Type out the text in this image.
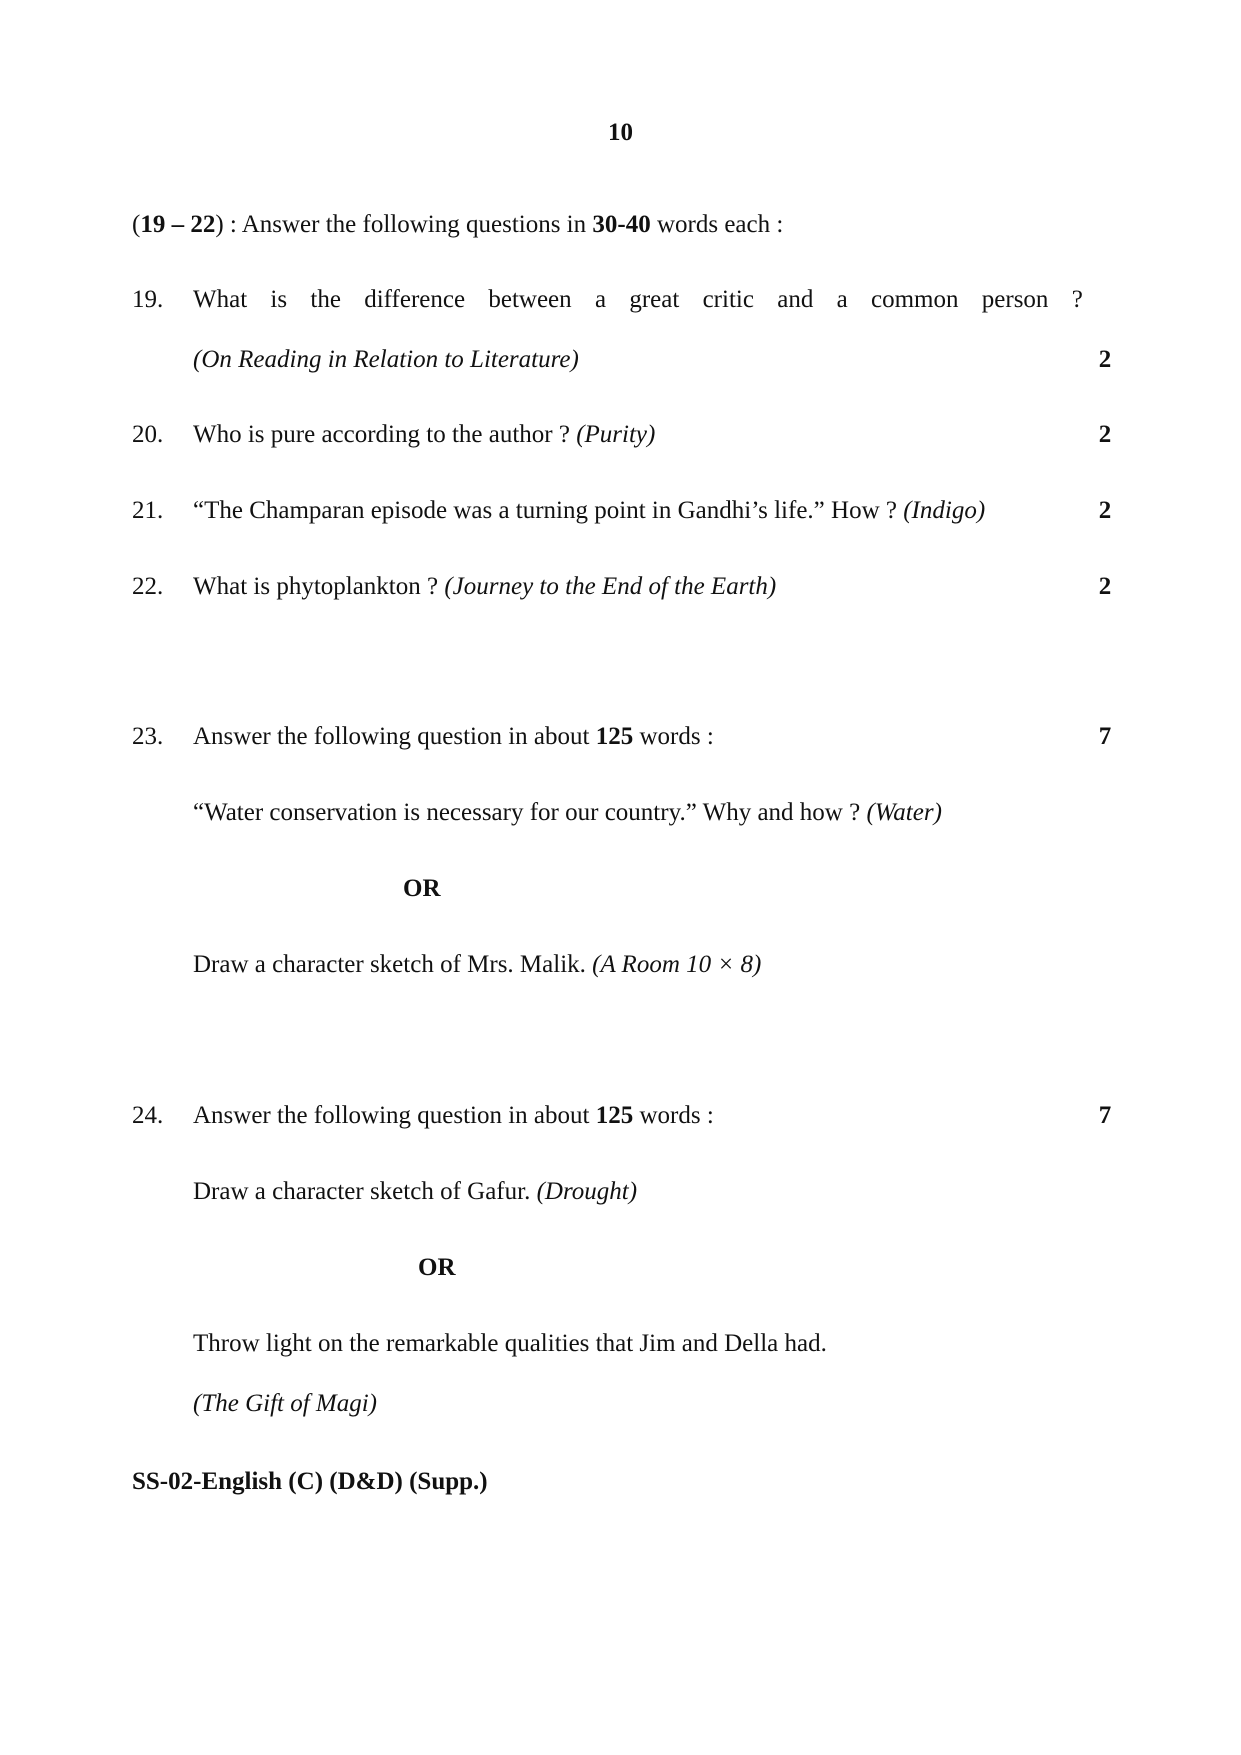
10
(19 – 22) : Answer the following questions in 30-40 words each :
19. What is the difference between a great critic and a common person ?
(On Reading in Relation to Literature)	2
20. Who is pure according to the author ? (Purity)	2
21. “The Champaran episode was a turning point in Gandhi’s life.” How ? (Indigo)	2
22. What is phytoplankton ? (Journey to the End of the Earth)	2
23. Answer the following question in about 125 words :	7
“Water conservation is necessary for our country.” Why and how ? (Water)
OR
Draw a character sketch of Mrs. Malik. (A Room 10 × 8)
24. Answer the following question in about 125 words :	7
Draw a character sketch of Gafur. (Drought)
OR
Throw light on the remarkable qualities that Jim and Della had.
(The Gift of Magi)
SS-02-English (C) (D&D) (Supp.)
